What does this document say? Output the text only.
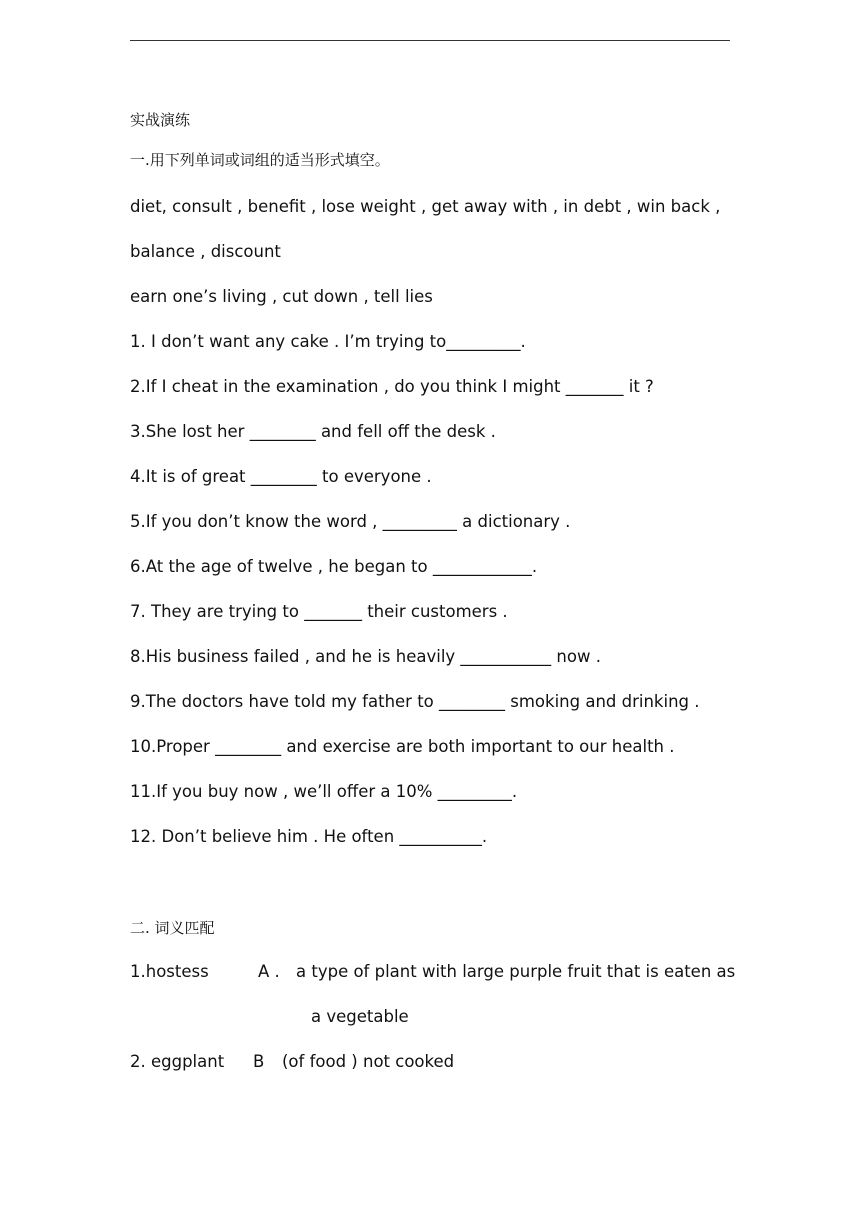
实战演练
一.用下列单词或词组的适当形式填空。
diet, consult , benefit , lose weight , get away with , in debt , win back ,
balance , discount
earn one’s living , cut down , tell lies
1. I don’t want any cake . I’m trying to_________.
2.If I cheat in the examination , do you think I might _______ it ?
3.She lost her ________ and fell off the desk .
4.It is of great ________ to everyone .
5.If you don’t know the word , _________ a dictionary .
6.At the age of twelve , he began to ____________.
7. They are trying to _______ their customers .
8.His business failed , and he is heavily ___________ now .
9.The doctors have told my father to ________ smoking and drinking .
10.Proper ________ and exercise are both important to our health .
11.If you buy now , we’ll offer a 10% _________.
12. Don’t believe him . He often __________.
二. 词义匹配
1.hostess	A . a type of plant with large purple fruit that is eaten as
a vegetable
2. eggplant B (of food ) not cooked
